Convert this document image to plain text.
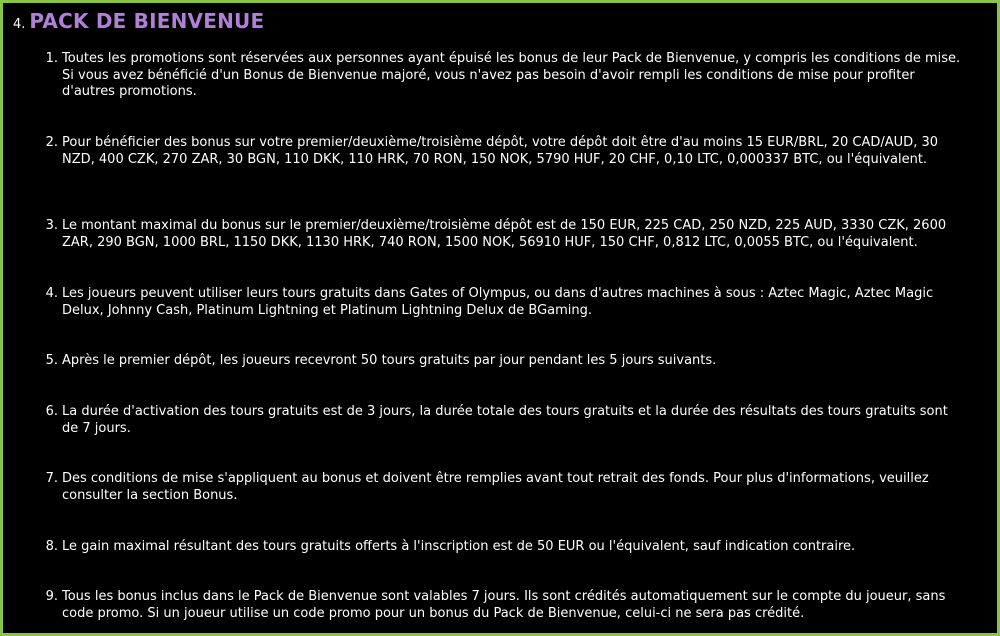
4. PACK DE BIENVENUE
1. Toutes les promotions sont réservées aux personnes ayant épuisé les bonus de leur Pack de Bienvenue, y compris les conditions de mise. Si vous avez bénéficié d'un Bonus de Bienvenue majoré, vous n'avez pas besoin d'avoir rempli les conditions de mise pour profiter d'autres promotions.
2. Pour bénéficier des bonus sur votre premier/deuxième/troisième dépôt, votre dépôt doit être d'au moins 15 EUR/BRL, 20 CAD/AUD, 30 NZD, 400 CZK, 270 ZAR, 30 BGN, 110 DKK, 110 HRK, 70 RON, 150 NOK, 5790 HUF, 20 CHF, 0,10 LTC, 0,000337 BTC, ou l'équivalent.
3. Le montant maximal du bonus sur le premier/deuxième/troisième dépôt est de 150 EUR, 225 CAD, 250 NZD, 225 AUD, 3330 CZK, 2600 ZAR, 290 BGN, 1000 BRL, 1150 DKK, 1130 HRK, 740 RON, 1500 NOK, 56910 HUF, 150 CHF, 0,812 LTC, 0,0055 BTC, ou l'équivalent.
4. Les joueurs peuvent utiliser leurs tours gratuits dans Gates of Olympus, ou dans d'autres machines à sous : Aztec Magic, Aztec Magic Delux, Johnny Cash, Platinum Lightning et Platinum Lightning Delux de BGaming.
5. Après le premier dépôt, les joueurs recevront 50 tours gratuits par jour pendant les 5 jours suivants.
6. La durée d'activation des tours gratuits est de 3 jours, la durée totale des tours gratuits et la durée des résultats des tours gratuits sont de 7 jours.
7. Des conditions de mise s'appliquent au bonus et doivent être remplies avant tout retrait des fonds. Pour plus d'informations, veuillez consulter la section Bonus.
8. Le gain maximal résultant des tours gratuits offerts à l'inscription est de 50 EUR ou l'équivalent, sauf indication contraire.
9. Tous les bonus inclus dans le Pack de Bienvenue sont valables 7 jours. Ils sont crédités automatiquement sur le compte du joueur, sans code promo. Si un joueur utilise un code promo pour un bonus du Pack de Bienvenue, celui-ci ne sera pas crédité.
